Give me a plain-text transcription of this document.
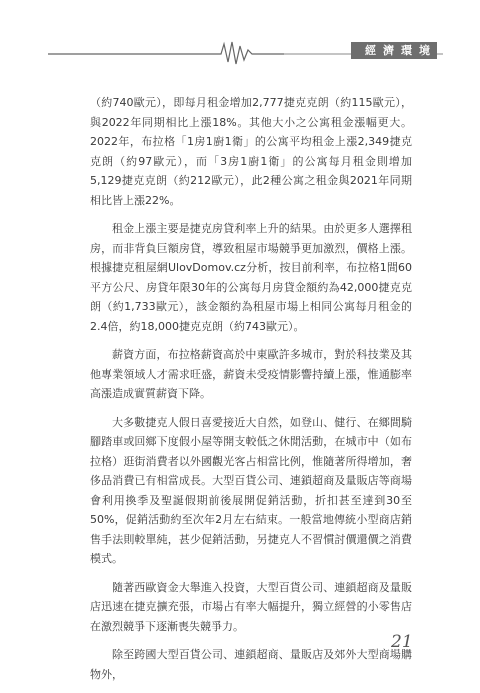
經濟環境

（約740歐元），即每月租金增加2,777捷克克朗（約115歐元），與2022年同期相比上漲18%。其他大小之公寓租金漲幅更大。2022年，布拉格「1房1廚1衛」的公寓平均租金上漲2,349捷克克朗（約97歐元），而「3房1廚1衛」的公寓每月租金則增加5,129捷克克朗（約212歐元），此2種公寓之租金與2021年同期相比皆上漲22%。

租金上漲主要是捷克房貸利率上升的結果。由於更多人選擇租房，而非背負巨額房貸，導致租屋市場競爭更加激烈，價格上漲。根據捷克租屋網UlovDomov.cz分析，按目前利率，布拉格1間60平方公尺、房貸年限30年的公寓每月房貸金額約為42,000捷克克朗（約1,733歐元），該金額約為租屋市場上相同公寓每月租金的2.4倍，約18,000捷克克朗（約743歐元）。

薪資方面，布拉格薪資高於中東歐許多城市，對於科技業及其他專業領域人才需求旺盛，薪資未受疫情影響持續上漲，惟通膨率高漲造成實質薪資下降。

大多數捷克人假日喜愛接近大自然，如登山、健行、在鄉間騎腳踏車或回鄉下度假小屋等開支較低之休閒活動，在城市中（如布拉格）逛街消費者以外國觀光客占相當比例，惟隨著所得增加，奢侈品消費已有相當成長。大型百貨公司、連鎖超商及量販店等商場會利用換季及聖誕假期前後展開促銷活動，折扣甚至達到30至50%，促銷活動約至次年2月左右結束。一般當地傳統小型商店銷售手法則較單純，甚少促銷活動，另捷克人不習慣討價還價之消費模式。

隨著西歐資金大舉進入投資，大型百貨公司、連鎖超商及量販店迅速在捷克擴充張，市場占有率大幅提升，獨立經營的小零售店在激烈競爭下逐漸喪失競爭力。

除至跨國大型百貨公司、連鎖超商、量販店及郊外大型商場購物外，

21
